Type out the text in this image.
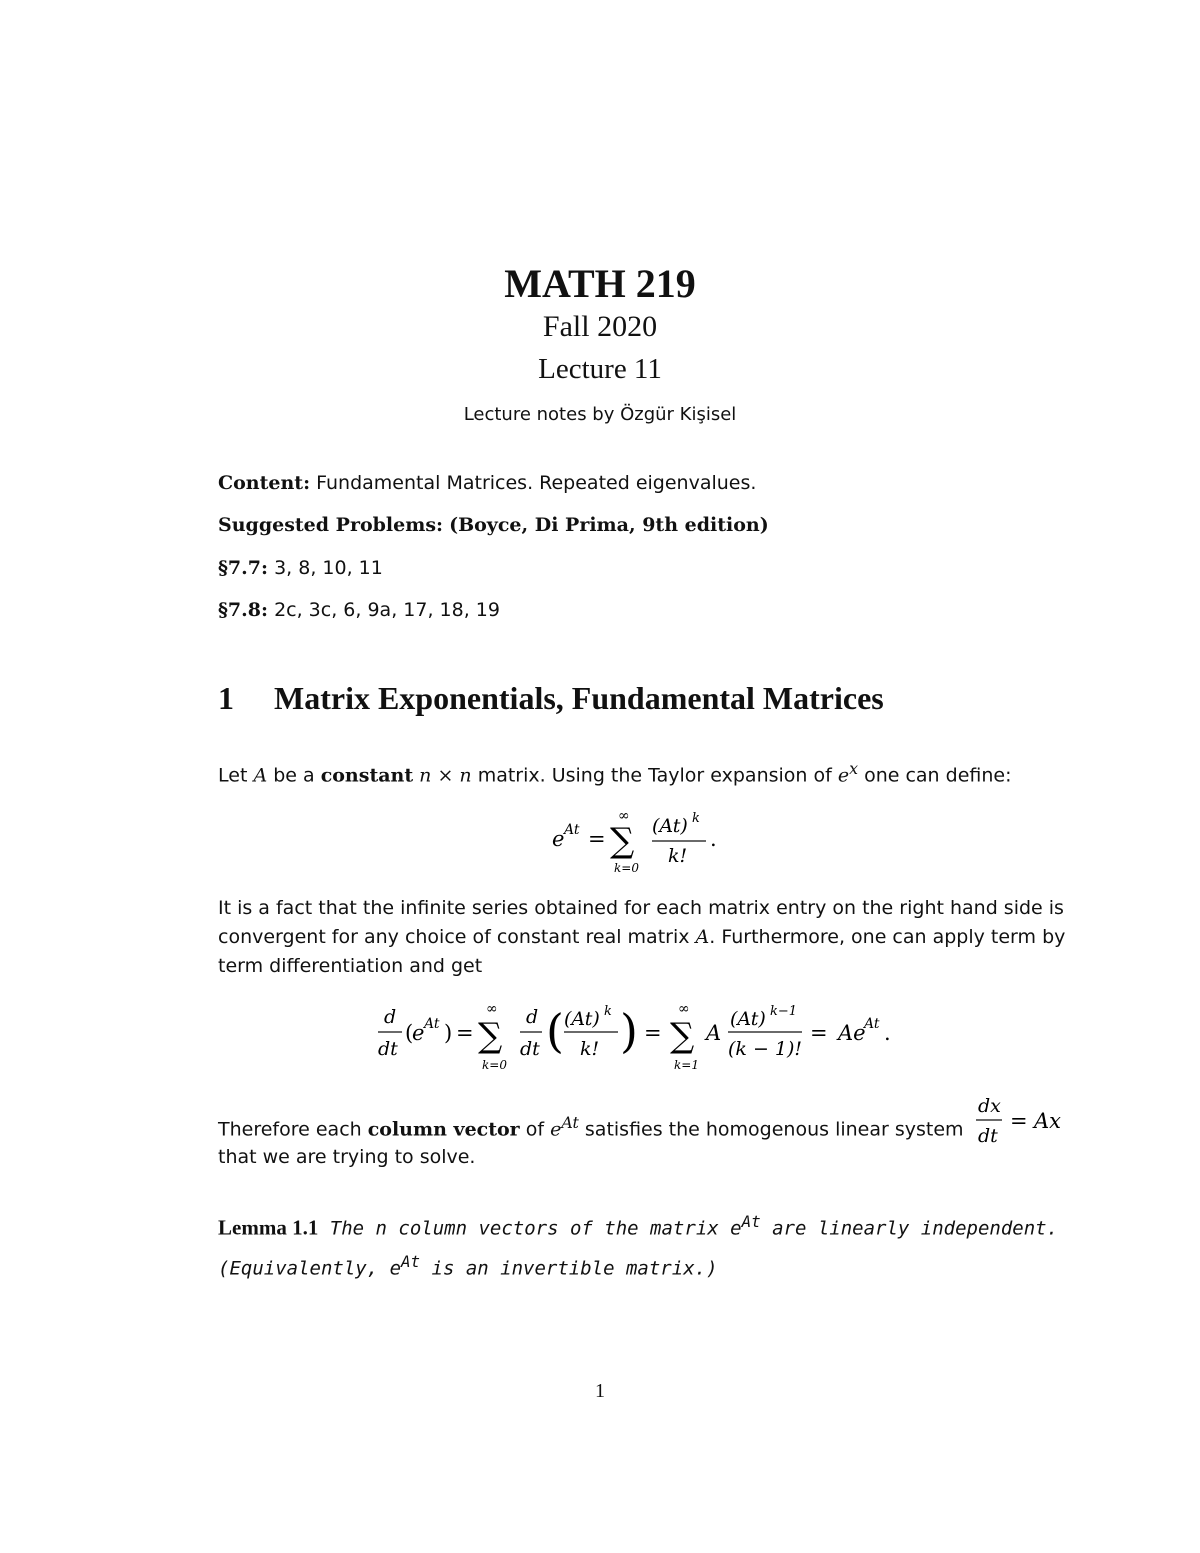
MATH 219
Fall 2020
Lecture 11
Lecture notes by Özgür Kişisel
Content: Fundamental Matrices. Repeated eigenvalues.
Suggested Problems: (Boyce, Di Prima, 9th edition)
§7.7: 3, 8, 10, 11
§7.8: 2c, 3c, 6, 9a, 17, 18, 19
1 Matrix Exponentials, Fundamental Matrices
Let A be a constant n × n matrix. Using the Taylor expansion of $e^x$ one can define:
e At =
∞
∑
k=0
(At) k
k!
.
It is a fact that the infinite series obtained for each matrix entry on the right hand side is convergent for any choice of constant real matrix A. Furthermore, one can apply term by term differentiation and get
d
dt
(
e At ) =
∞
∑
k=0
d
dt ( (At) k
k! ) =
∞
∑
k=1
A
(At) k−1
(k − 1)!
= Ae
At .
Therefore each column vector of $e^{At}$ satisfies the homogenous linear system
dx
dt
= Ax
that we are trying to solve.
Lemma 1.1 The n column vectors of the matrix $e^{At}$ are linearly independent. (Equivalently, $e^{At}$ is an invertible matrix.)
1
